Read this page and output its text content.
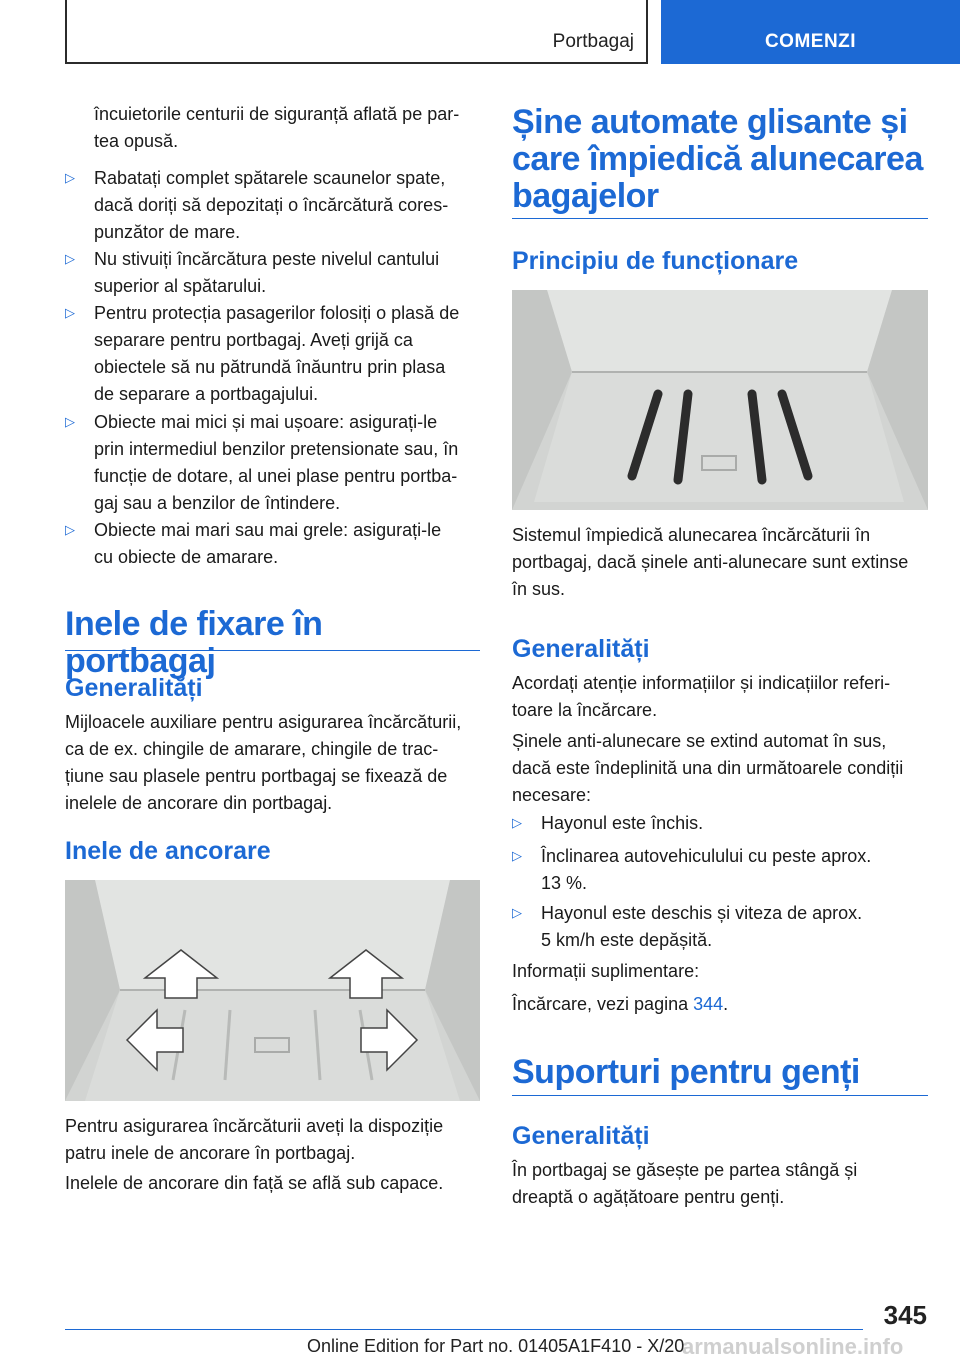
Portbagaj	COMENZI

încuietorile centurii de siguranță aflată pe par-

tea opusă.

▷ Rabatați complet spătarele scaunelor spate,

dacă doriți să depozitați o încărcătură cores-

punzător de mare.

▷ Nu stivuiți încărcătura peste nivelul cantului

superior al spătarului.

▷ Pentru protecția pasagerilor folosiți o plasă de

separare pentru portbagaj. Aveți grijă ca

obiectele să nu pătrundă înăuntru prin plasa

de separare a portbagajului.

▷ Obiecte mai mici și mai ușoare: asigurați-le

prin intermediul benzilor pretensionate sau, în

funcție de dotare, al unei plase pentru portba-

gaj sau a benzilor de întindere.

▷ Obiecte mai mari sau mai grele: asigurați-le

cu obiecte de amarare.

Inele de fixare în portbagaj
Generalități

Mijloacele auxiliare pentru asigurarea încărcăturii,

ca de ex. chingile de amarare, chingile de trac-

țiune sau plasele pentru portbagaj se fixează de

inelele de ancorare din portbagaj.

Inele de ancorare

Pentru asigurarea încărcăturii aveți la dispoziție

patru inele de ancorare în portbagaj.

Inelele de ancorare din față se află sub capace.

Șine automate glisante și

care împiedică alunecarea

bagajelor

Principiu de funcționare

Sistemul împiedică alunecarea încărcăturii în

portbagaj, dacă șinele anti-alunecare sunt extinse

în sus.

Generalități

Acordați atenție informațiilor și indicațiilor referi-

toare la încărcare.

Șinele anti-alunecare se extind automat în sus,

dacă este îndeplinită una din următoarele condiții

necesare:

▷ Hayonul este închis.

▷ Înclinarea autovehiculului cu peste aprox.

13 %.

▷ Hayonul este deschis și viteza de aprox.

5 km/h este depășită.

Informații suplimentare:

Încărcare, vezi pagina 344.

Suporturi pentru genți
Generalități

În portbagaj se găsește pe partea stângă și

dreaptă o agățătoare pentru genți.

345
armanualsonline.info
Online Edition for Part no. 01405A1F410 - X/20
